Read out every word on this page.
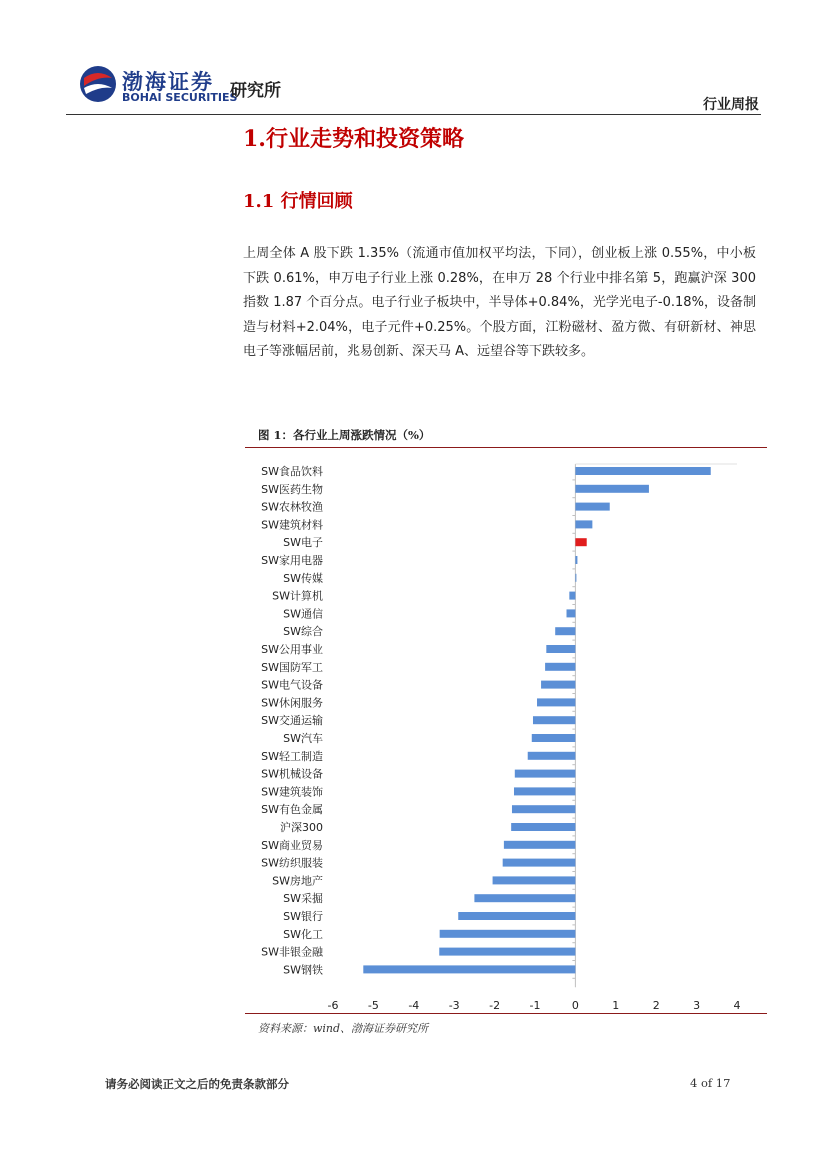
渤海证券
BOHAI SECURITIES
研究所
行业周报
1.行业走势和投资策略
1.1 行情回顾

上周全体 A 股下跌 1.35%（流通市值加权平均法，下同），创业板上涨 0.55%，中小板下跌 0.61%，申万电子行业上涨 0.28%，在申万 28 个行业中排名第 5，跑赢沪深 300 指数 1.87 个百分点。电子行业子板块中，半导体+0.84%，光学光电子-0.18%，设备制造与材料+2.04%，电子元件+0.25%。个股方面，江粉磁材、盈方微、有研新材、神思电子等涨幅居前，兆易创新、深天马 A、远望谷等下跌较多。

图 1：各行业上周涨跌情况（%）
SW食品饮料
SW医药生物
SW农林牧渔
SW建筑材料
SW电子
SW家用电器
SW传媒
SW计算机
SW通信
SW综合
SW公用事业
SW国防军工
SW电气设备
SW休闲服务
SW交通运输
SW汽车
SW轻工制造
SW机械设备
SW建筑装饰
SW有色金属
沪深300
SW商业贸易
SW纺织服装
SW房地产
SW采掘
SW银行
SW化工
SW非银金融
SW钢铁
-6	-5	-4	-3	-2	-1	0	1	2	3	4
资料来源：wind、渤海证券研究所
请务必阅读正文之后的免责条款部分	4 of 17
